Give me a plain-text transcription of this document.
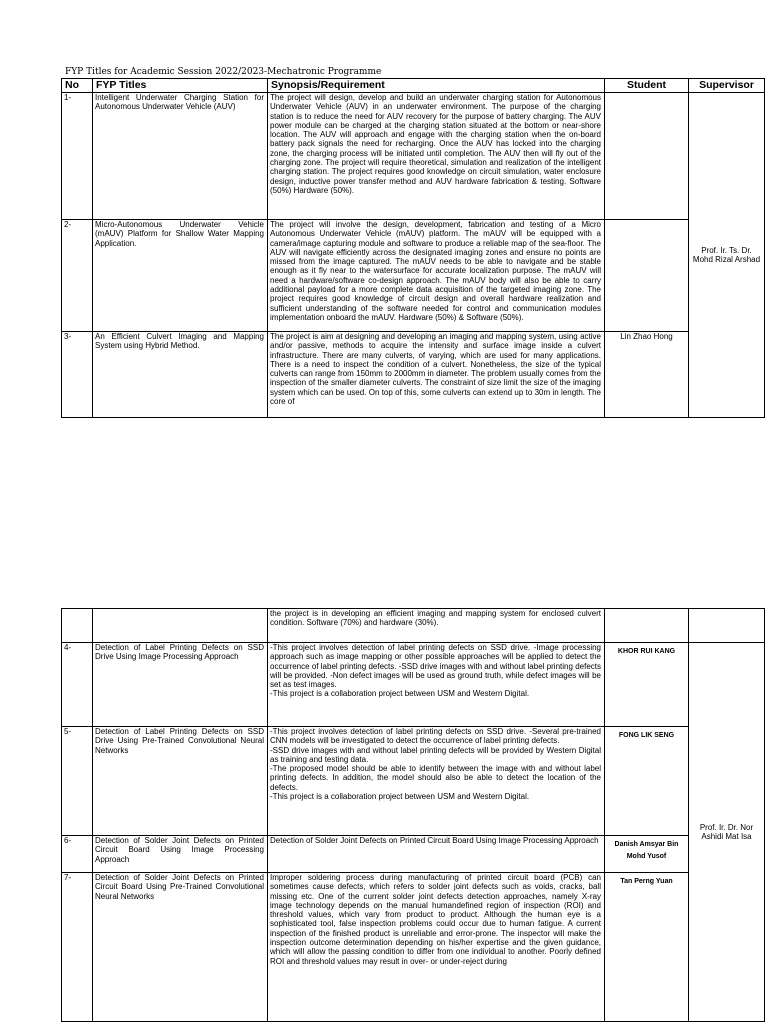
FYP Titles for Academic Session 2022/2023-Mechatronic Programme
No	FYP Titles	Synopsis/Requirement	Student	Supervisor
1-	Intelligent Underwater Charging Station for Autonomous Underwater Vehicle (AUV)	The project will design, develop and build an underwater charging station for Autonomous Underwater Vehicle (AUV) in an underwater environment. The purpose of the charging station is to reduce the need for AUV recovery for the purpose of battery charging. The AUV power module can be charged at the charging station situated at the bottom or near-shore location. The AUV will approach and engage with the charging station when the on-board battery pack signals the need for recharging. Once the AUV has locked into the charging zone, the charging process will be initiated until completion. The AUV then will fly out of the charging zone. The project will require theoretical, simulation and realization of the intelligent charging station. The project requires good knowledge on circuit simulation, water enclosure design, inductive power transfer method and AUV hardware fabrication & testing. Software (50%) Hardware (50%).		Prof. Ir. Ts. Dr. Mohd Rizal Arshad
2-	Micro-Autonomous Underwater Vehicle (mAUV) Platform for Shallow Water Mapping Application.	The project will involve the design, development, fabrication and testing of a Micro Autonomous Underwater Vehicle (mAUV) platform. The mAUV will be equipped with a camera/image capturing module and software to produce a reliable map of the sea-floor. The AUV will navigate efficiently across the designated imaging zones and ensure no points are missed from the image captured. The mAUV needs to be able to navigate and be stable enough as it fly near to the watersurface for accurate localization purpose. The mAUV will need a hardware/software co-design approach. The mAUV body will also be able to carry additional payload for a more complete data acquisition of the targeted imaging zone. The project requires good knowledge of circuit design and overall hardware realization and sufficient understanding of the software needed for control and communication modules implementation onboard the mAUV. Hardware (50%) & Software (50%).		
3-	An Efficient Culvert Imaging and Mapping System using Hybrid Method.	The project is aim at designing and developing an imaging and mapping system, using active and/or passive, methods to acquire the intensity and surface image inside a culvert infrastructure. There are many culverts, of varying, which are used for many applications. There is a need to inspect the condition of a culvert. Nonetheless, the size of the typical culverts can range from 150mm to 2000mm in diameter. The problem usually comes from the inspection of the smaller diameter culverts. The constraint of size limit the size of the imaging system which can be used. On top of this, some culverts can extend up to 30m in length. The core of	Lin Zhao Hong	
		the project is in developing an efficient imaging and mapping system for enclosed culvert condition. Software (70%) and hardware (30%).		
4-	Detection of Label Printing Defects on SSD Drive Using Image Processing Approach	-This project involves detection of label printing defects on SSD drive. -Image processing approach such as image mapping or other possible approaches will be applied to detect the occurrence of label printing defects. -SSD drive images with and without label printing defects will be provided. -Non defect images will be used as ground truth, while defect images will be set as test images.
-This project is a collaboration project between USM and Western Digital.	KHOR RUI KANG	Prof. Ir. Dr. Nor Ashidi Mat Isa
5-	Detection of Label Printing Defects on SSD Drive Using Pre-Trained Convolutional Neural Networks	-This project involves detection of label printing defects on SSD drive. -Several pre-trained CNN models will be investigated to detect the occurrence of label printing defects.
-SSD drive images with and without label printing defects will be provided by Western Digital as training and testing data.
-The proposed model should be able to identify between the image with and without label printing defects. In addition, the model should also be able to detect the location of the defects.
-This project is a collaboration project between USM and Western Digital.	FONG LIK SENG	
6-	Detection of Solder Joint Defects on Printed Circuit Board Using Image Processing Approach	Detection of Solder Joint Defects on Printed Circuit Board Using Image Processing Approach	Danish Amsyar Bin Mohd Yusof	
7-	Detection of Solder Joint Defects on Printed Circuit Board Using Pre-Trained Convolutional Neural Networks	Improper soldering process during manufacturing of printed circuit board (PCB) can sometimes cause defects, which refers to solder joint defects such as voids, cracks, ball missing etc. One of the current solder joint defects detection approaches, namely X-ray image technology depends on the manual humandefined region of inspection (ROI) and threshold values, which vary from product to product. Although the human eye is a sophisticated tool, false inspection problems could occur due to human fatigue. A current inspection of the finished product is unreliable and error-prone. The inspector will make the inspection outcome determination depending on his/her expertise and the given guidance, which will allow the passing condition to differ from one individual to another. Poorly defined ROI and threshold values may result in over- or under-reject during	Tan Perng Yuan	
